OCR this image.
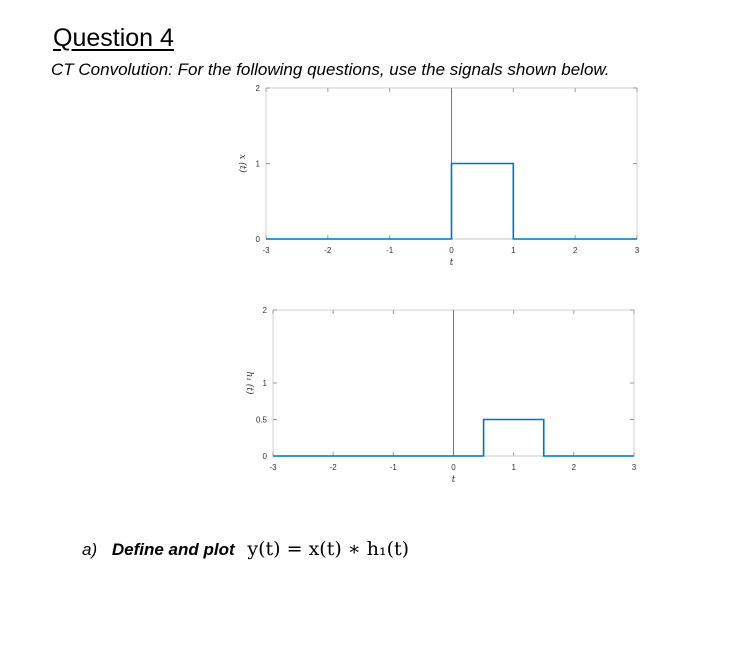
Question 4
CT Convolution: For the following questions, use the signals shown below.
-3	-2	-1	0	1	2	3
0
1
2
t
x (t)
-3	-2	-1	0	1	2	3
0
0.5
1
2
t
h₁ (t)
a) Define and plot y(t) = x(t) ∗ h₁(t)
